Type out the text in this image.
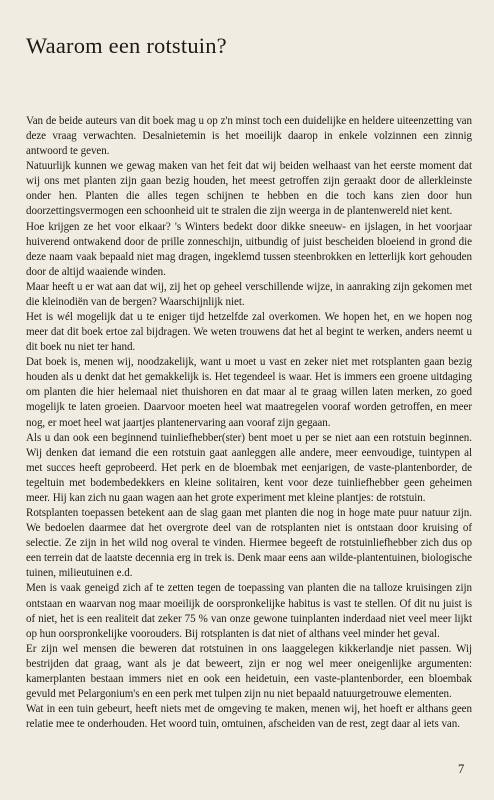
Waarom een rotstuin?

Van de beide auteurs van dit boek mag u op z'n minst toch een duidelijke en heldere uiteenzetting van deze vraag verwachten. Desalnietemin is het moeilijk daarop in enkele volzinnen een zinnig antwoord te geven.

Natuurlijk kunnen we gewag maken van het feit dat wij beiden welhaast van het eerste moment dat wij ons met planten zijn gaan bezig houden, het meest getroffen zijn geraakt door de allerkleinste onder hen. Planten die alles tegen schijnen te hebben en die toch kans zien door hun doorzettingsvermogen een schoonheid uit te stralen die zijn weerga in de plantenwereld niet kent.

Hoe krijgen ze het voor elkaar? 's Winters bedekt door dikke sneeuw- en ijslagen, in het voorjaar huiverend ontwakend door de prille zonneschijn, uitbundig of juist bescheiden bloeiend in grond die deze naam vaak bepaald niet mag dragen, ingeklemd tussen steenbrokken en letterlijk kort gehouden door de altijd waaiende winden.

Maar heeft u er wat aan dat wij, zij het op geheel verschillende wijze, in aanraking zijn gekomen met die kleinodiën van de bergen? Waarschijnlijk niet.

Het is wél mogelijk dat u te eniger tijd hetzelfde zal overkomen. We hopen het, en we hopen nog meer dat dit boek ertoe zal bijdragen. We weten trouwens dat het al begint te werken, anders neemt u dit boek nu niet ter hand.

Dat boek is, menen wij, noodzakelijk, want u moet u vast en zeker niet met rotsplanten gaan bezig houden als u denkt dat het gemakkelijk is. Het tegendeel is waar. Het is immers een groene uitdaging om planten die hier helemaal niet thuishoren en dat maar al te graag willen laten merken, zo goed mogelijk te laten groeien. Daarvoor moeten heel wat maatregelen vooraf worden getroffen, en meer nog, er moet heel wat jaartjes plantenervaring aan vooraf zijn gegaan.

Als u dan ook een beginnend tuinliefhebber(ster) bent moet u per se niet aan een rotstuin beginnen. Wij denken dat iemand die een rotstuin gaat aanleggen alle andere, meer eenvoudige, tuintypen al met succes heeft geprobeerd. Het perk en de bloembak met eenjarigen, de vaste-plantenborder, de tegeltuin met bodembedekkers en kleine solitairen, kent voor deze tuinliefhebber geen geheimen meer. Hij kan zich nu gaan wagen aan het grote experiment met kleine plantjes: de rotstuin.

Rotsplanten toepassen betekent aan de slag gaan met planten die nog in hoge mate puur natuur zijn. We bedoelen daarmee dat het overgrote deel van de rotsplanten niet is ontstaan door kruising of selectie. Ze zijn in het wild nog overal te vinden. Hiermee begeeft de rotstuinliefhebber zich dus op een terrein dat de laatste decennia erg in trek is. Denk maar eens aan wilde-plantentuinen, biologische tuinen, milieutuinen e.d.

Men is vaak geneigd zich af te zetten tegen de toepassing van planten die na talloze kruisingen zijn ontstaan en waarvan nog maar moeilijk de oorspronkelijke habitus is vast te stellen. Of dit nu juist is of niet, het is een realiteit dat zeker 75 % van onze gewone tuinplanten inderdaad niet veel meer lijkt op hun oorspronkelijke voorouders. Bij rotsplanten is dat niet of althans veel minder het geval.

Er zijn wel mensen die beweren dat rotstuinen in ons laaggelegen kikkerlandje niet passen. Wij bestrijden dat graag, want als je dat beweert, zijn er nog wel meer oneigenlijke argumenten: kamerplanten bestaan immers niet en ook een heidetuin, een vaste-plantenborder, een bloembak gevuld met Pelargonium's en een perk met tulpen zijn nu niet bepaald natuurgetrouwe elementen.

Wat in een tuin gebeurt, heeft niets met de omgeving te maken, menen wij, het hoeft er althans geen relatie mee te onderhouden. Het woord tuin, omtuinen, afscheiden van de rest, zegt daar al iets van.

7
